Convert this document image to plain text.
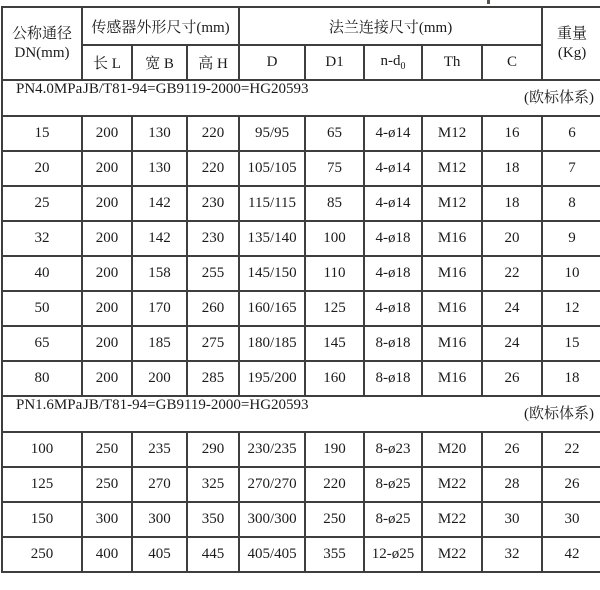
公称通径
DN(mm)
	传感器外形尺寸(mm)	法兰连接尺寸(mm)	重量
(Kg)

	长 L	宽 B	高 H	D	D1	$n-d_0$	Th	C	

(欧标体系)
PN4.0MPaJB/T81-94=GB9119-2000=HG20593									
15	200	130	220	95/95	65	4-ø14	M12	16	6
20	200	130	220	105/105	75	4-ø14	M12	18	7
25	200	142	230	115/115	85	4-ø14	M12	18	8
32	200	142	230	135/140	100	4-ø18	M16	20	9
40	200	158	255	145/150	110	4-ø18	M16	22	10
50	200	170	260	160/165	125	4-ø18	M16	24	12
65	200	185	275	180/185	145	8-ø18	M16	24	15
80	200	200	285	195/200	160	8-ø18	M16	26	18

(欧标体系)
PN1.6MPaJB/T81-94=GB9119-2000=HG20593									
100	250	235	290	230/235	190	8-ø23	M20	26	22
125	250	270	325	270/270	220	8-ø25	M22	28	26
150	300	300	350	300/300	250	8-ø25	M22	30	30
250	400	405	445	405/405	355	12-ø25	M22	32	42
